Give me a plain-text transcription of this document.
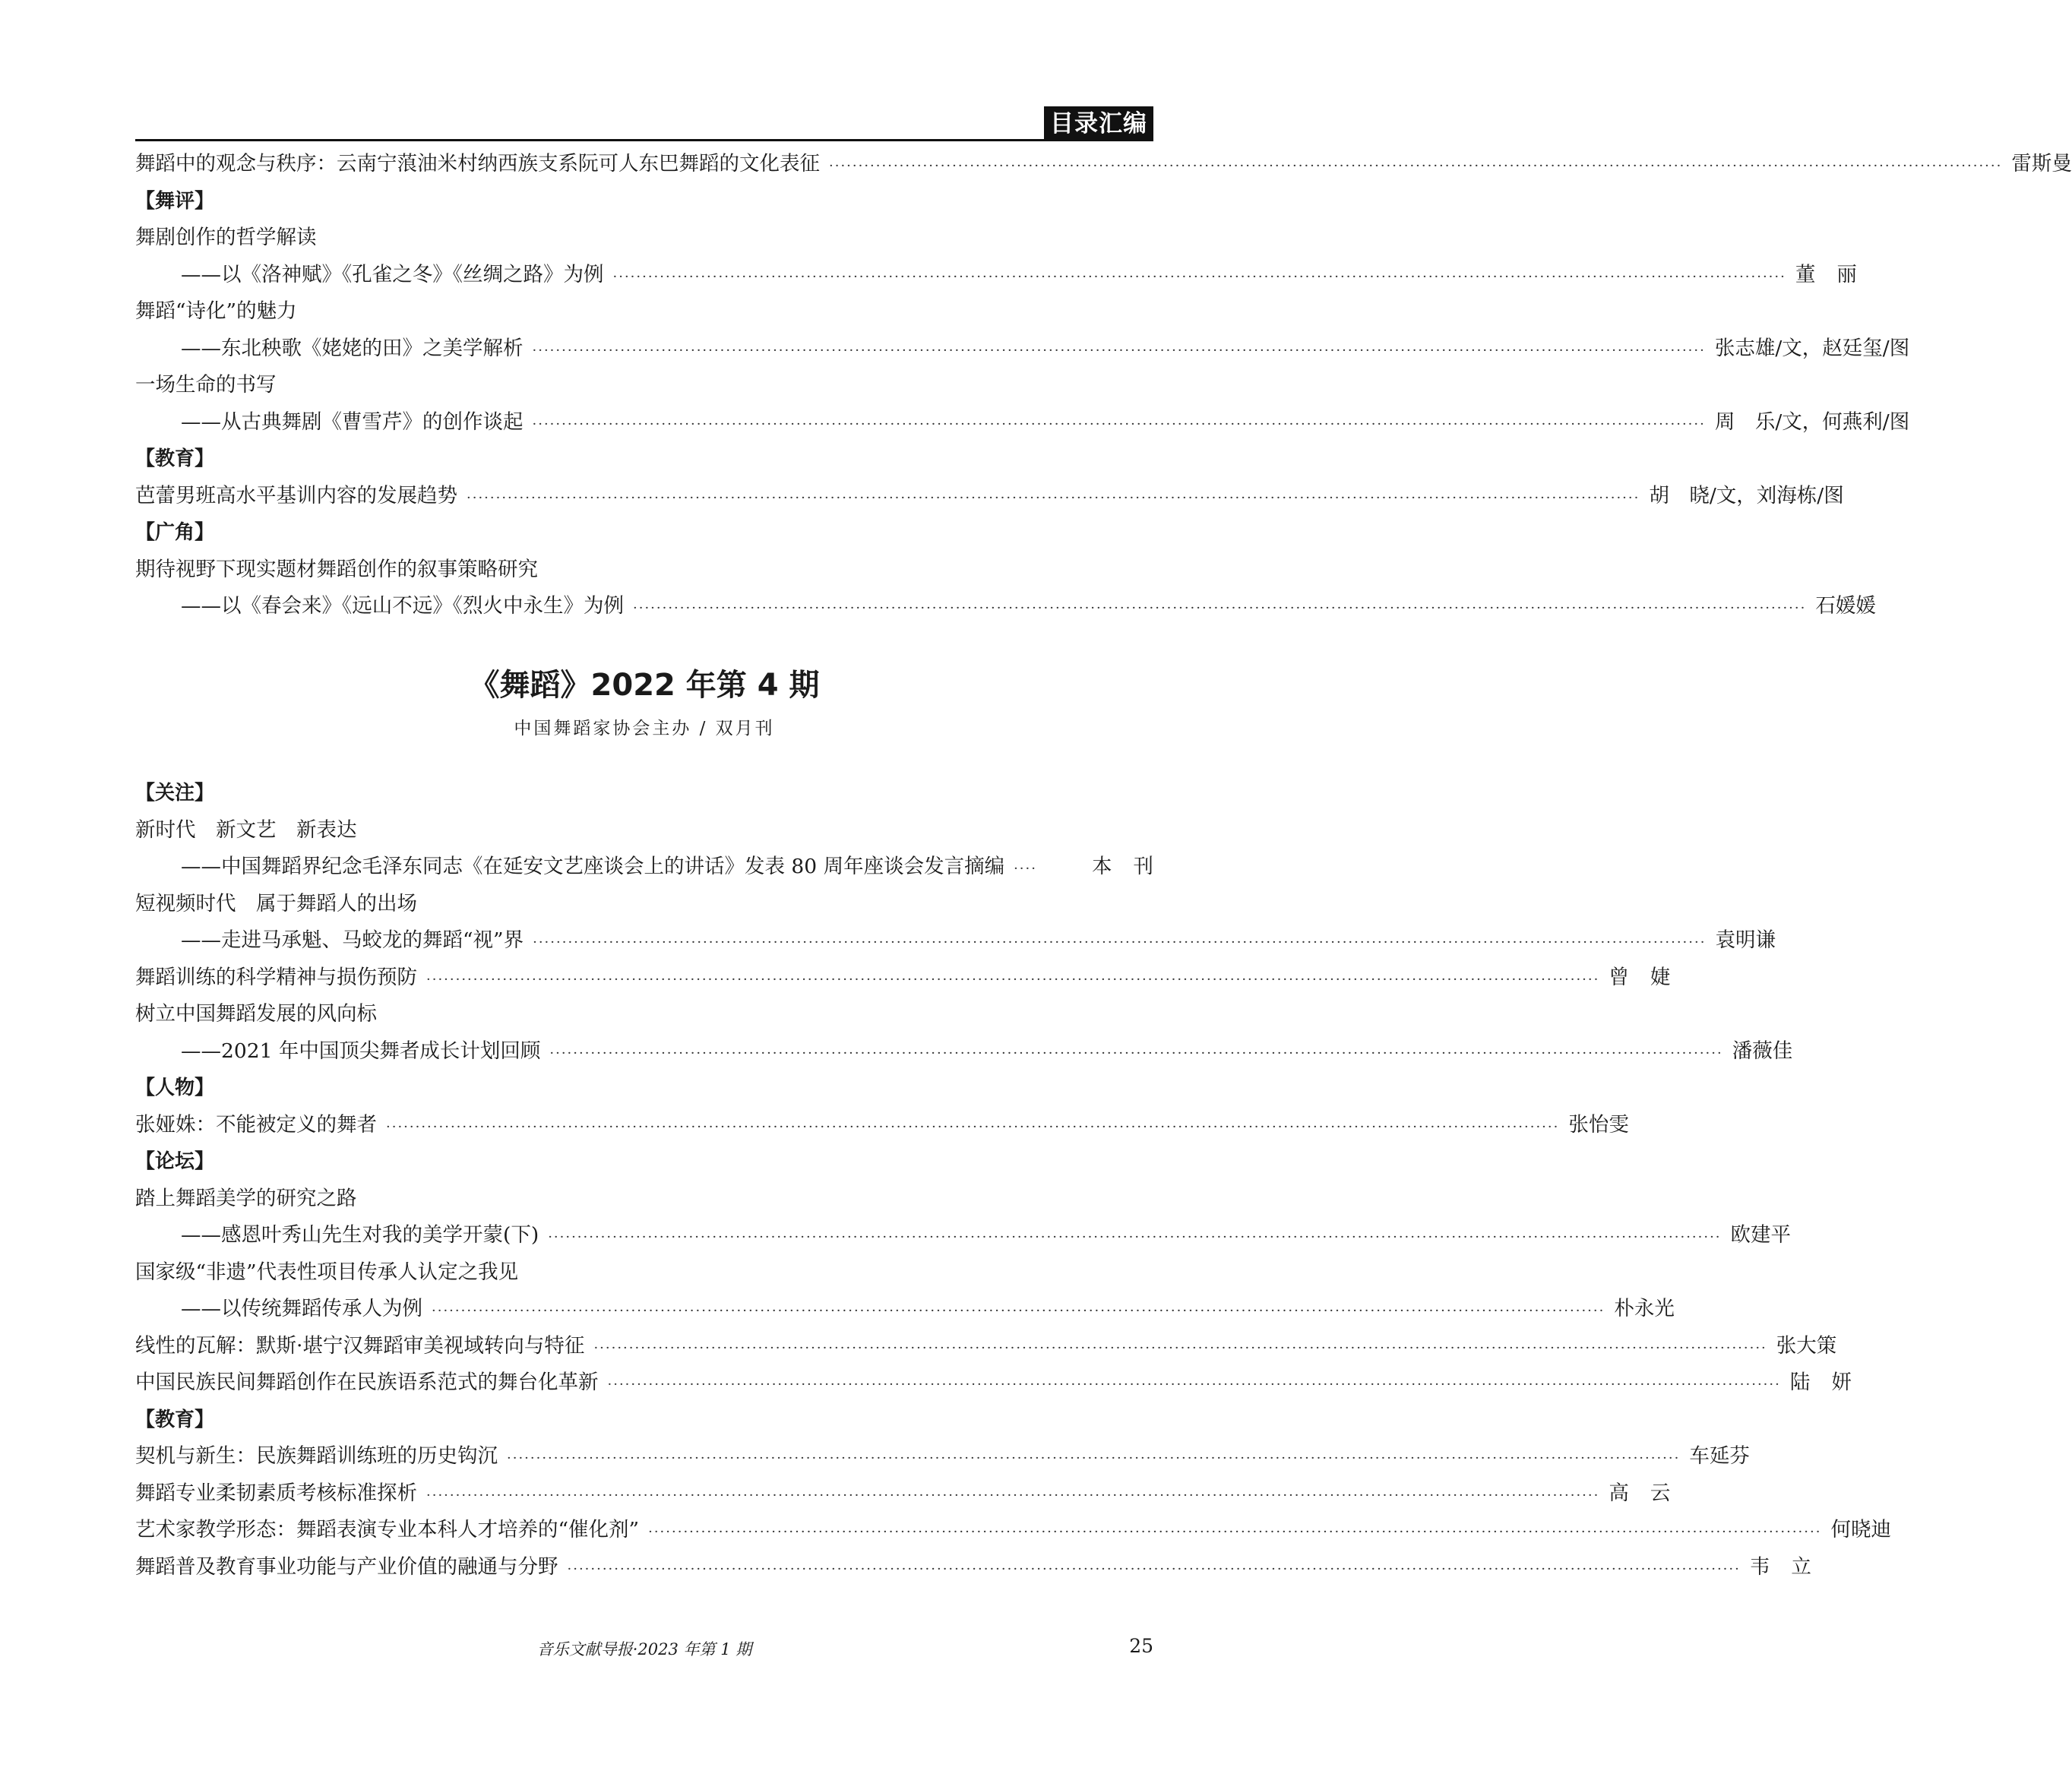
目录汇编
舞蹈中的观念与秩序：云南宁蒗油米村纳西族支系阮可人东巴舞蹈的文化表征 ········································································································································································································ 雷斯曼
【舞评】
舞剧创作的哲学解读
——以《洛神赋》《孔雀之冬》《丝绸之路》为例 ········································································································································································································ 董丽
舞蹈“诗化”的魅力
——东北秧歌《姥姥的田》之美学解析 ········································································································································································································ 张志雄/文，赵廷玺/图
一场生命的书写
——从古典舞剧《曹雪芹》的创作谈起 ········································································································································································································ 周　乐/文，何燕利/图
【教育】
芭蕾男班高水平基训内容的发展趋势 ········································································································································································································ 胡　晓/文，刘海栋/图
【广角】
期待视野下现实题材舞蹈创作的叙事策略研究
——以《春会来》《远山不远》《烈火中永生》为例 ········································································································································································································ 石媛媛
《舞蹈》2022 年第 4 期
中国舞蹈家协会主办 / 双月刊
【关注】
新时代　新文艺　新表达
——中国舞蹈界纪念毛泽东同志《在延安文艺座谈会上的讲话》发表 80 周年座谈会发言摘编 ····	本刊
短视频时代　属于舞蹈人的出场
——走进马承魁、马蛟龙的舞蹈“视”界 ········································································································································································································ 袁明谦
舞蹈训练的科学精神与损伤预防 ········································································································································································································ 曾婕
树立中国舞蹈发展的风向标
——2021 年中国顶尖舞者成长计划回顾 ········································································································································································································ 潘薇佳
【人物】
张娅姝：不能被定义的舞者 ········································································································································································································ 张怡雯
【论坛】
踏上舞蹈美学的研究之路
——感恩叶秀山先生对我的美学开蒙(下) ········································································································································································································ 欧建平
国家级“非遗”代表性项目传承人认定之我见
——以传统舞蹈传承人为例 ········································································································································································································ 朴永光
线性的瓦解：默斯·堪宁汉舞蹈审美视域转向与特征 ········································································································································································································ 张大策
中国民族民间舞蹈创作在民族语系范式的舞台化革新 ········································································································································································································ 陆妍
【教育】
契机与新生：民族舞蹈训练班的历史钩沉 ········································································································································································································ 车延芬
舞蹈专业柔韧素质考核标准探析 ········································································································································································································ 高云
艺术家教学形态：舞蹈表演专业本科人才培养的“催化剂” ········································································································································································································ 何晓迪
舞蹈普及教育事业功能与产业价值的融通与分野 ········································································································································································································ 韦立
音乐文献导报·2023 年第 1 期	25
